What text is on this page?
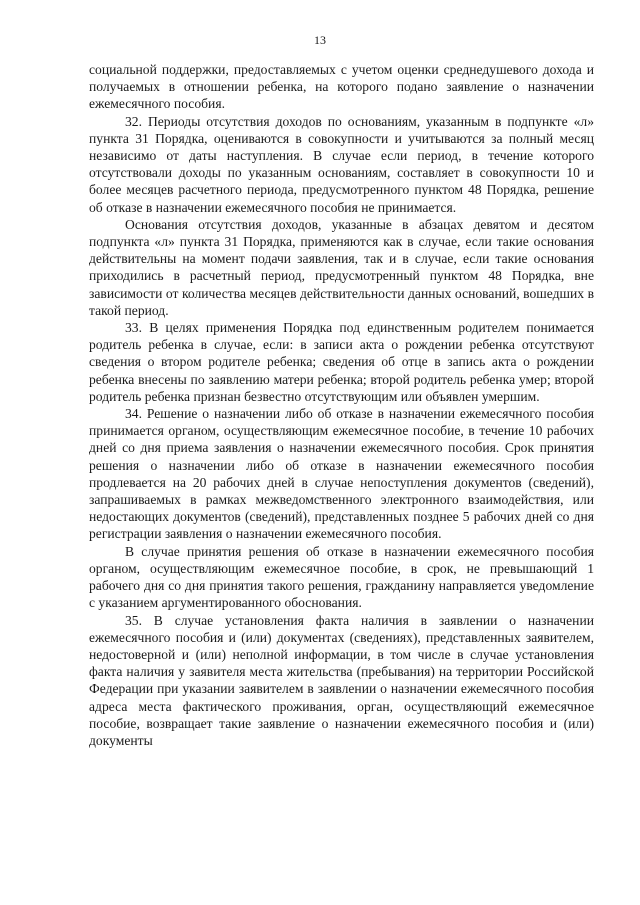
13

социальной поддержки, предоставляемых с учетом оценки среднедушевого дохода и получаемых в отношении ребенка, на которого подано заявление о назначении ежемесячного пособия.

32. Периоды отсутствия доходов по основаниям, указанным в подпункте «л» пункта 31 Порядка, оцениваются в совокупности и учитываются за полный месяц независимо от даты наступления. В случае если период, в течение которого отсутствовали доходы по указанным основаниям, составляет в совокупности 10 и более месяцев расчетного периода, предусмотренного пунктом 48 Порядка, решение об отказе в назначении ежемесячного пособия не принимается.

Основания отсутствия доходов, указанные в абзацах девятом и десятом подпункта «л» пункта 31 Порядка, применяются как в случае, если такие основания действительны на момент подачи заявления, так и в случае, если такие основания приходились в расчетный период, предусмотренный пунктом 48 Порядка, вне зависимости от количества месяцев действительности данных оснований, вошедших в такой период.

33. В целях применения Порядка под единственным родителем понимается родитель ребенка в случае, если: в записи акта о рождении ребенка отсутствуют сведения о втором родителе ребенка; сведения об отце в запись акта о рождении ребенка внесены по заявлению матери ребенка; второй родитель ребенка умер; второй родитель ребенка признан безвестно отсутствующим или объявлен умершим.

34. Решение о назначении либо об отказе в назначении ежемесячного пособия принимается органом, осуществляющим ежемесячное пособие, в течение 10 рабочих дней со дня приема заявления о назначении ежемесячного пособия. Срок принятия решения о назначении либо об отказе в назначении ежемесячного пособия продлевается на 20 рабочих дней в случае непоступления документов (сведений), запрашиваемых в рамках межведомственного электронного взаимодействия, или недостающих документов (сведений), представленных позднее 5 рабочих дней со дня регистрации заявления о назначении ежемесячного пособия.

В случае принятия решения об отказе в назначении ежемесячного пособия органом, осуществляющим ежемесячное пособие, в срок, не превышающий 1 рабочего дня со дня принятия такого решения, гражданину направляется уведомление с указанием аргументированного обоснования.

35. В случае установления факта наличия в заявлении о назначении ежемесячного пособия и (или) документах (сведениях), представленных заявителем, недостоверной и (или) неполной информации, в том числе в случае установления факта наличия у заявителя места жительства (пребывания) на территории Российской Федерации при указании заявителем в заявлении о назначении ежемесячного пособия адреса места фактического проживания, орган, осуществляющий ежемесячное пособие, возвращает такие заявление о назначении ежемесячного пособия и (или) документы
